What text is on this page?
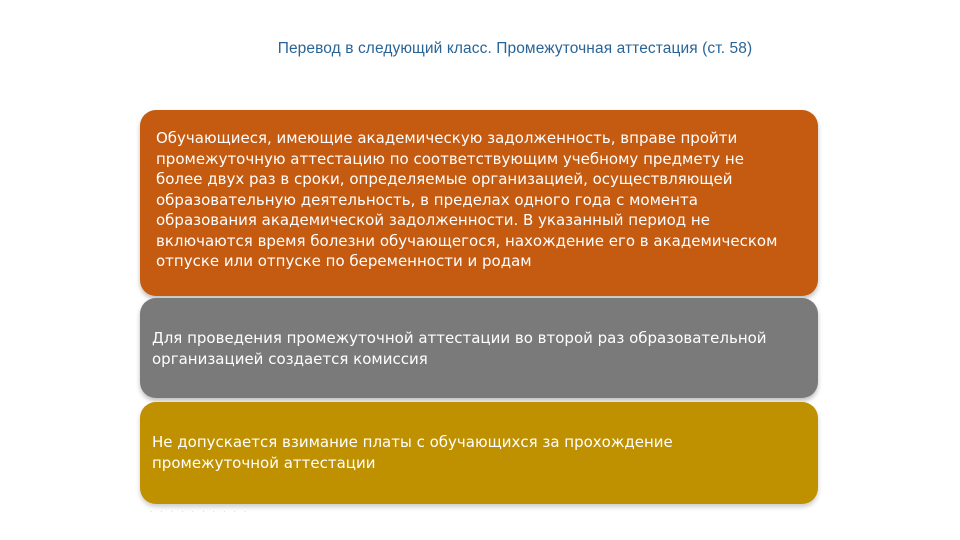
Перевод в следующий класс. Промежуточная аттестация (ст. 58)
Обучающиеся, имеющие академическую задолженность, вправе пройти промежуточную аттестацию по соответствующим учебному предмету не более двух раз в сроки, определяемые организацией, осуществляющей образовательную деятельность, в пределах одного года с момента образования академической задолженности. В указанный период не включаются время болезни обучающегося, нахождение его в академическом отпуске или отпуске по беременности и родам
Для проведения промежуточной аттестации во второй раз образовательной организацией создается комиссия
Не допускается взимание платы с обучающихся за прохождение промежуточной аттестации
· · · · · · · · · ·
